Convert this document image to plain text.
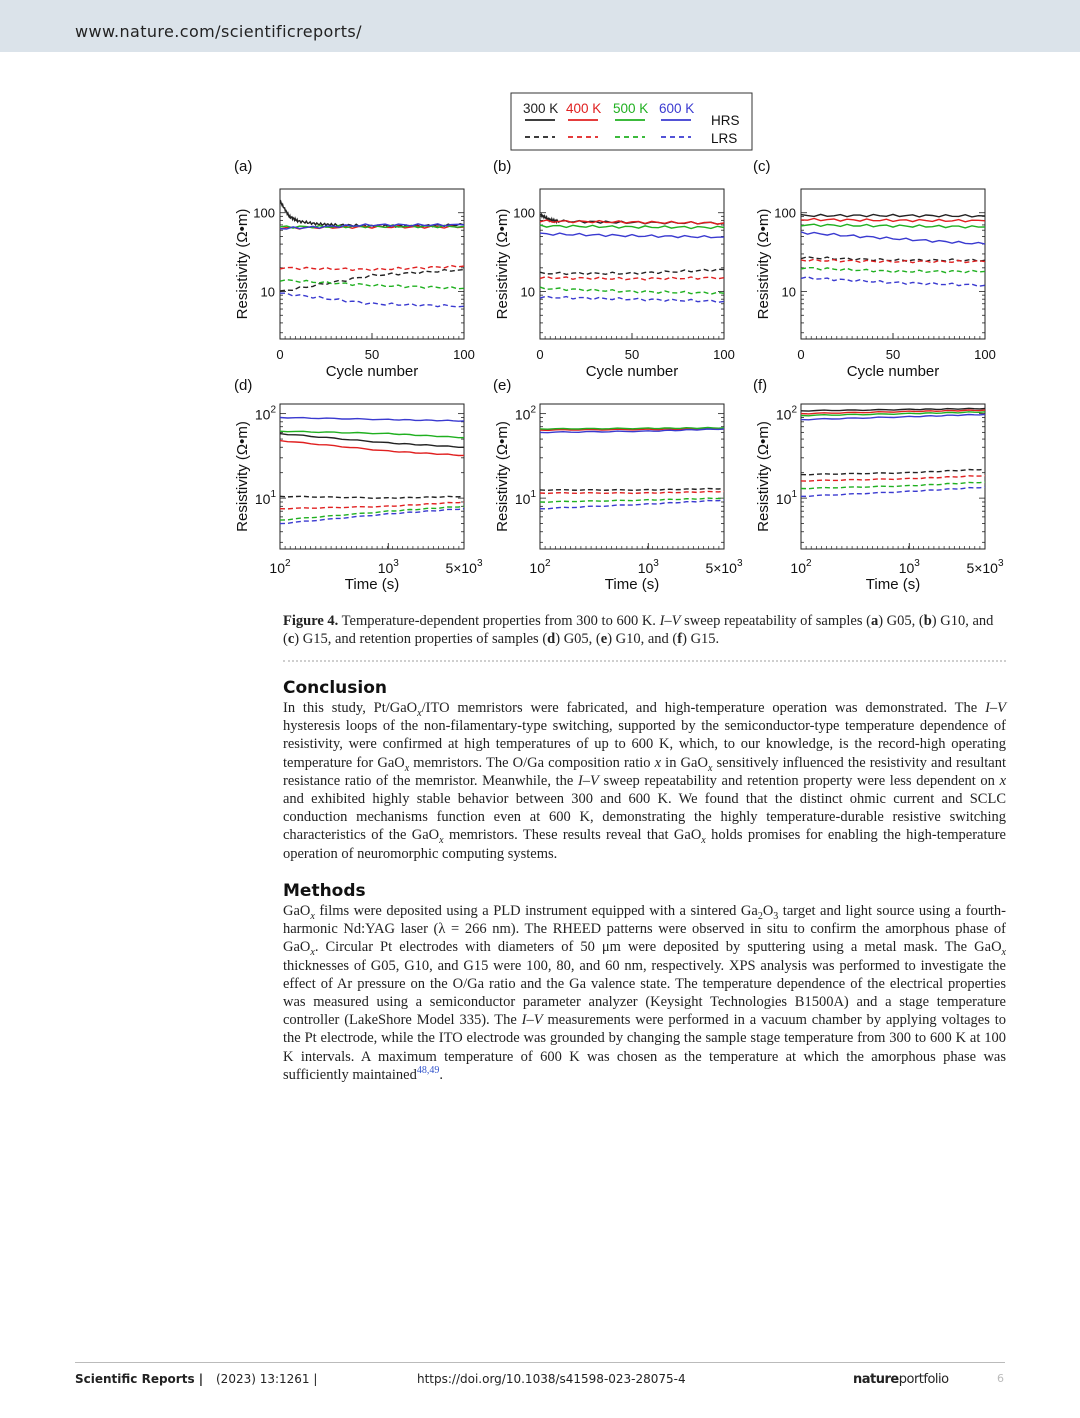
www.nature.com/scientificreports/
300 K 400 K 500 K 600 K
HRS
LRS
(a)
Resistivity (Ω•m) 100
10
0	50	100
Cycle number
(b)
Resistivity (Ω•m) 100
10
0	50	100
Cycle number
(c)
Resistivity (Ω•m) 100
10
0	50	100
Cycle number
(d)
Resistivity (Ω•m)
$10^2$
$10^1$
$10^2$	$10^3$	$5\times 10^3$
Time (s)
(e)
Resistivity (Ω•m)
$10^2$
$10^1$
$10^2$	$10^3$	$5\times 10^3$
Time (s)
(f)
Resistivity (Ω•m)
$10^2$
$10^1$
$10^2$	$10^3$	$5\times 10^3$
Time (s)
Figure 4. Temperature-dependent properties from 300 to 600 K. I–V sweep repeatability of samples (a) G05, (b) G10, and (c) G15, and retention properties of samples (d) G05, (e) G10, and (f) G15.
Conclusion

In this study, Pt/GaO$_x$/ITO memristors were fabricated, and high-temperature operation was demonstrated. The I–V hysteresis loops of the non-filamentary-type switching, supported by the semiconductor-type temperature dependence of resistivity, were confirmed at high temperatures of up to 600 K, which, to our knowledge, is the record-high operating temperature for GaO$_x$ memristors. The O/Ga composition ratio x in GaO$_x$ sensitively influenced the resistivity and resultant resistance ratio of the memristor. Meanwhile, the I–V sweep repeatability and retention property were less dependent on x and exhibited highly stable behavior between 300 and 600 K. We found that the distinct ohmic current and SCLC conduction mechanisms function even at 600 K, demonstrating the highly temperature-durable resistive switching characteristics of the GaO$_x$ memristors. These results reveal that GaO$_x$ holds promises for enabling the high-temperature operation of neuromorphic computing systems.

Methods

GaO$_x$ films were deposited using a PLD instrument equipped with a sintered $Ga_2O_3$ target and light source using a fourth-harmonic Nd:YAG laser (λ = 266 nm). The RHEED patterns were observed in situ to confirm the amorphous phase of GaO$_x$. Circular Pt electrodes with diameters of 50 μm were deposited by sputtering using a metal mask. The GaO$_x$ thicknesses of G05, G10, and G15 were 100, 80, and 60 nm, respectively. XPS analysis was performed to investigate the effect of Ar pressure on the O/Ga ratio and the Ga valence state. The temperature dependence of the electrical properties was measured using a semiconductor parameter analyzer (Keysight Technologies B1500A) and a stage temperature controller (LakeShore Model 335). The I–V measurements were performed in a vacuum chamber by applying voltages to the Pt electrode, while the ITO electrode was grounded by changing the sample stage temperature from 300 to 600 K at 100 K intervals. A maximum temperature of 600 K was chosen as the temperature at which the amorphous phase was sufficiently maintained$^{48,49}$.

Scientific Reports | (2023) 13:1261 |	https://doi.org/10.1038/s41598-023-28075-4	natureportfolio	6
